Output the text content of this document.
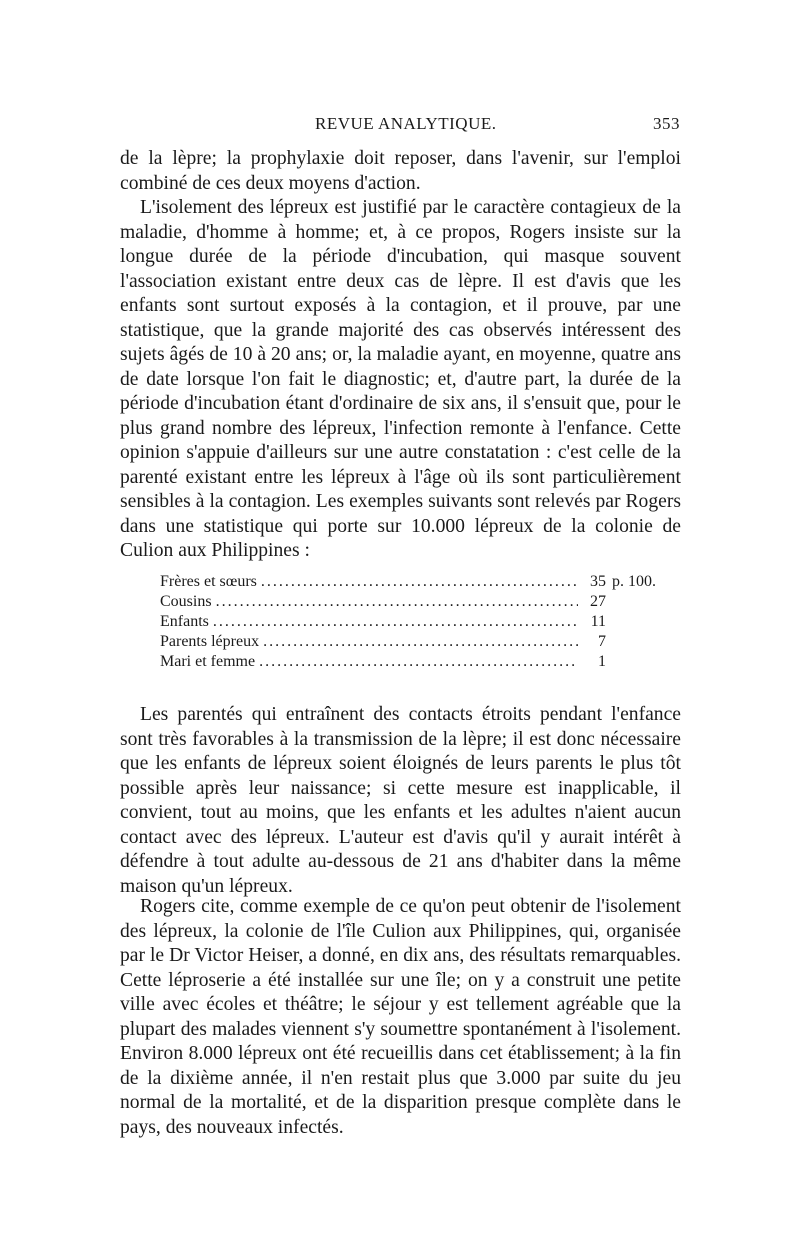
REVUE ANALYTIQUE.	353

de la lèpre; la prophylaxie doit reposer, dans l'avenir, sur l'emploi combiné de ces deux moyens d'action.

L'isolement des lépreux est justifié par le caractère contagieux de la maladie, d'homme à homme; et, à ce propos, Rogers insiste sur la longue durée de la période d'incubation, qui masque souvent l'association existant entre deux cas de lèpre. Il est d'avis que les enfants sont surtout exposés à la contagion, et il prouve, par une statistique, que la grande majorité des cas observés intéressent des sujets âgés de 10 à 20 ans; or, la maladie ayant, en moyenne, quatre ans de date lorsque l'on fait le diagnostic; et, d'autre part, la durée de la période d'incubation étant d'ordinaire de six ans, il s'ensuit que, pour le plus grand nombre des lépreux, l'infection remonte à l'enfance. Cette opinion s'appuie d'ailleurs sur une autre constatation : c'est celle de la parenté existant entre les lépreux à l'âge où ils sont particulièrement sensibles à la contagion. Les exemples suivants sont relevés par Rogers dans une statistique qui porte sur 10.000 lépreux de la colonie de Culion aux Philippines :

Frères et sœurs .....	35 p. 100.
Cousins .....	27
Enfants .....	11
Parents lépreux .....	7
Mari et femme .....	1

Les parentés qui entraînent des contacts étroits pendant l'enfance sont très favorables à la transmission de la lèpre; il est donc nécessaire que les enfants de lépreux soient éloignés de leurs parents le plus tôt possible après leur naissance; si cette mesure est inapplicable, il convient, tout au moins, que les enfants et les adultes n'aient aucun contact avec des lépreux. L'auteur est d'avis qu'il y aurait intérêt à défendre à tout adulte au-dessous de 21 ans d'habiter dans la même maison qu'un lépreux.

Rogers cite, comme exemple de ce qu'on peut obtenir de l'isolement des lépreux, la colonie de l'île Culion aux Philippines, qui, organisée par le Dr Victor Heiser, a donné, en dix ans, des résultats remarquables. Cette léproserie a été installée sur une île; on y a construit une petite ville avec écoles et théâtre; le séjour y est tellement agréable que la plupart des malades viennent s'y soumettre spontanément à l'isolement. Environ 8.000 lépreux ont été recueillis dans cet établissement; à la fin de la dixième année, il n'en restait plus que 3.000 par suite du jeu normal de la mortalité, et de la disparition presque complète dans le pays, des nouveaux infectés.
